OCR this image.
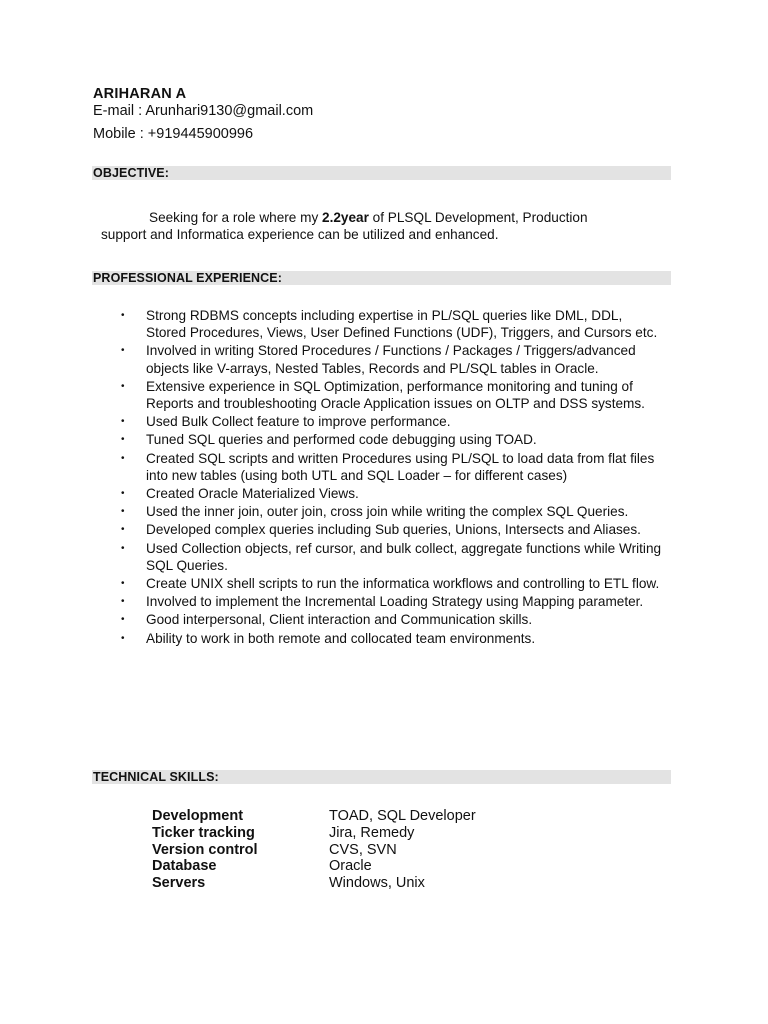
ARIHARAN A
E-mail : Arunhari9130@gmail.com
Mobile : +919445900996
OBJECTIVE:
Seeking for a role where my 2.2year of PLSQL Development, Production
support and Informatica experience can be utilized and enhanced.
PROFESSIONAL EXPERIENCE:
• Strong RDBMS concepts including expertise in PL/SQL queries like DML, DDL, Stored Procedures, Views, User Defined Functions (UDF), Triggers, and Cursors etc.
• Involved in writing Stored Procedures / Functions / Packages / Triggers/advanced objects like V-arrays, Nested Tables, Records and PL/SQL tables in Oracle.
• Extensive experience in SQL Optimization, performance monitoring and tuning of Reports and troubleshooting Oracle Application issues on OLTP and DSS systems.
• Used Bulk Collect feature to improve performance.
• Tuned SQL queries and performed code debugging using TOAD.
• Created SQL scripts and written Procedures using PL/SQL to load data from flat files into new tables (using both UTL and SQL Loader – for different cases)
• Created Oracle Materialized Views.
• Used the inner join, outer join, cross join while writing the complex SQL Queries.
• Developed complex queries including Sub queries, Unions, Intersects and Aliases.
• Used Collection objects, ref cursor, and bulk collect, aggregate functions while Writing SQL Queries.
• Create UNIX shell scripts to run the informatica workflows and controlling to ETL flow.
• Involved to implement the Incremental Loading Strategy using Mapping parameter.
• Good interpersonal, Client interaction and Communication skills.
• Ability to work in both remote and collocated team environments.
TECHNICAL SKILLS:
Development	TOAD, SQL Developer
Ticker tracking	Jira, Remedy
Version control	CVS, SVN
Database	Oracle
Servers	Windows, Unix
